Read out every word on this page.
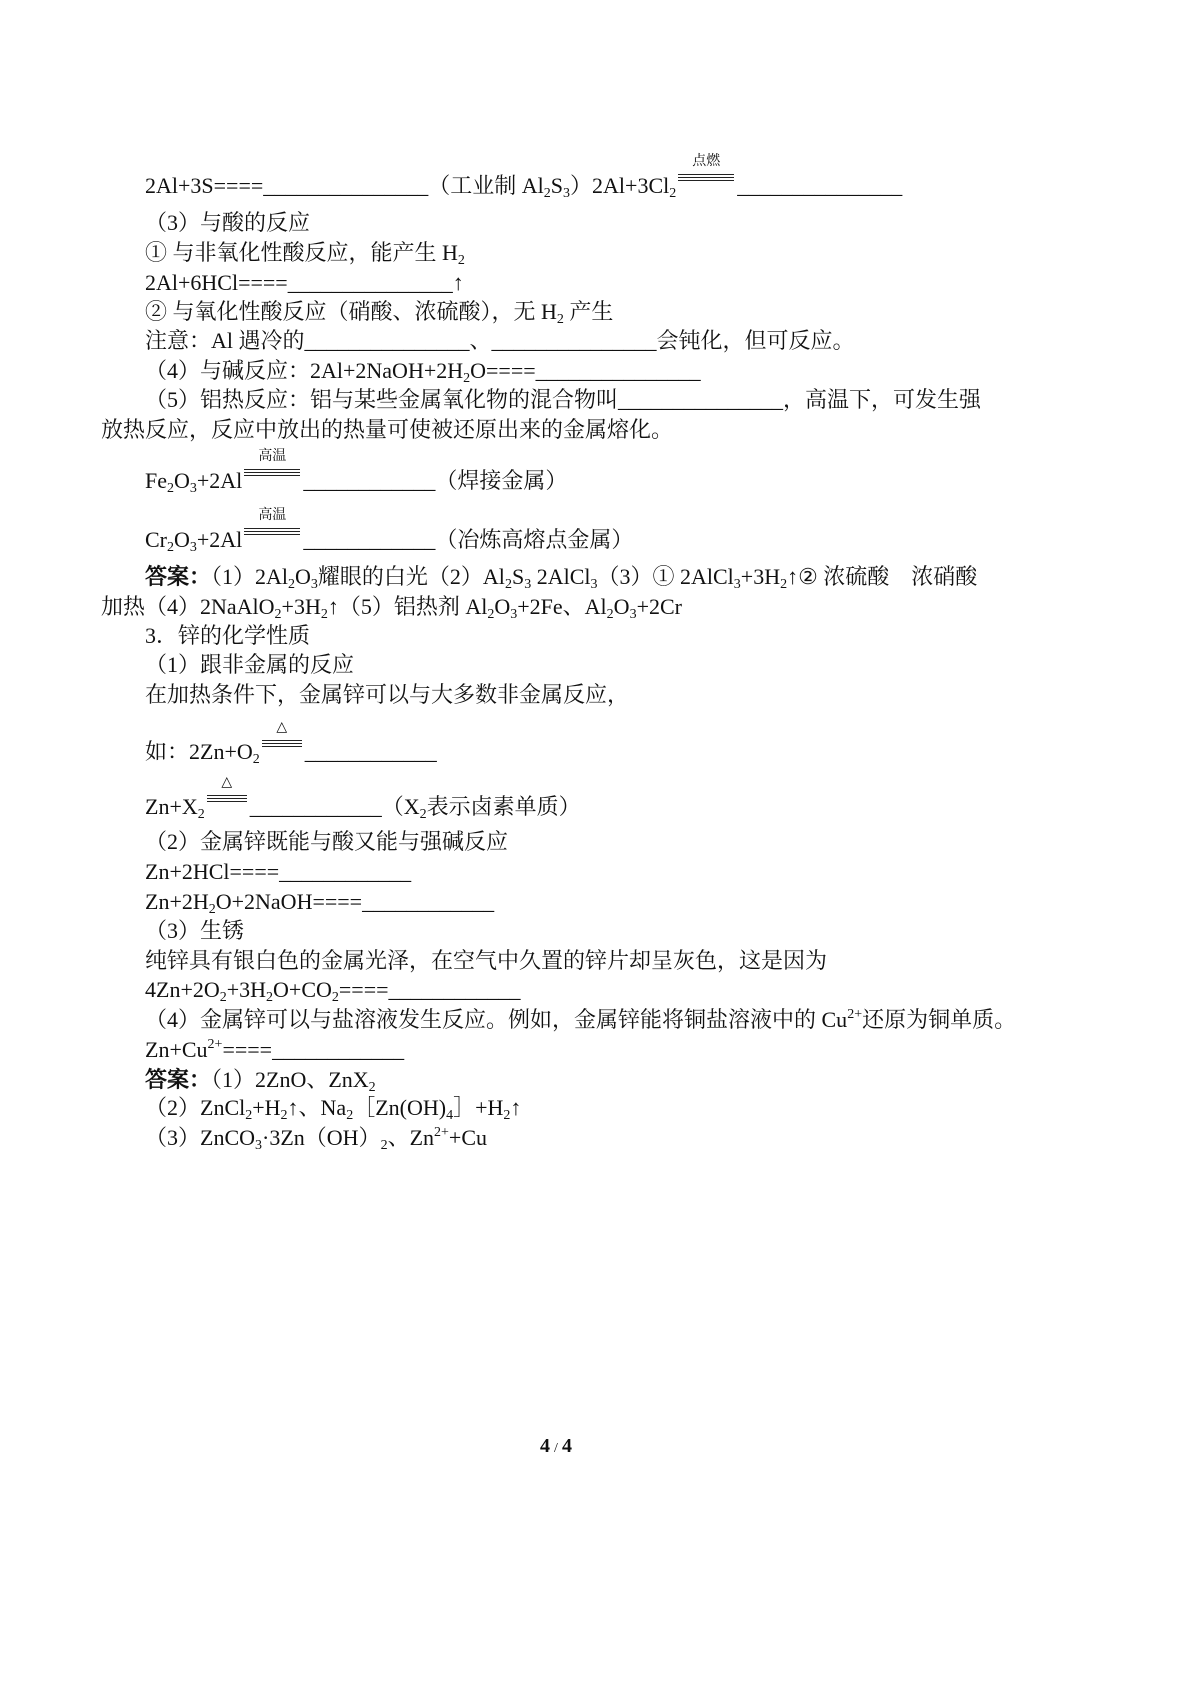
2Al+3S====_______________（工业制 Al2S3）2Al+3Cl2
点燃
_______________
（3）与酸的反应
① 与非氧化性酸反应，能产生 H2
2Al+6HCl====_______________↑
② 与氧化性酸反应（硝酸、浓硫酸），无 H2 产生
注意：Al 遇冷的_______________、_______________会钝化，但可反应。
（4）与碱反应：2Al+2NaOH+2H2O====_______________
（5）铝热反应：铝与某些金属氧化物的混合物叫_______________，高温下，可发生强
放热反应，反应中放出的热量可使被还原出来的金属熔化。
Fe2O3+2Al
高温
____________（焊接金属）
Cr2O3+2Al
高温
____________（冶炼高熔点金属）
答案：（1）2Al2O3耀眼的白光（2）Al2S3 2AlCl3（3）① 2AlCl3+3H2↑② 浓硫酸　浓硝酸
加热（4）2NaAlO2+3H2↑（5）铝热剂 Al2O3+2Fe、Al2O3+2Cr
3．锌的化学性质
（1）跟非金属的反应
在加热条件下，金属锌可以与大多数非金属反应，
如：2Zn+O2
△
____________
Zn+X2
△
____________（X2表示卤素单质）
（2）金属锌既能与酸又能与强碱反应
Zn+2HCl====____________
Zn+2H2O+2NaOH====____________
（3）生锈
纯锌具有银白色的金属光泽，在空气中久置的锌片却呈灰色，这是因为
4Zn+2O2+3H2O+CO2====____________
（4）金属锌可以与盐溶液发生反应。例如，金属锌能将铜盐溶液中的 $Cu^{2+}$还原为铜单质。
$Zn+Cu^{2+}====\_\_\_\_\_\_\_\_\_\_\_\_$
答案：（1）2ZnO、ZnX2
（2）ZnCl2+H2↑、Na2［Zn(OH)4］+H2↑
（3）ZnCO3·3Zn（OH）2、$Zn^{2+}+Cu$
4 / 4
